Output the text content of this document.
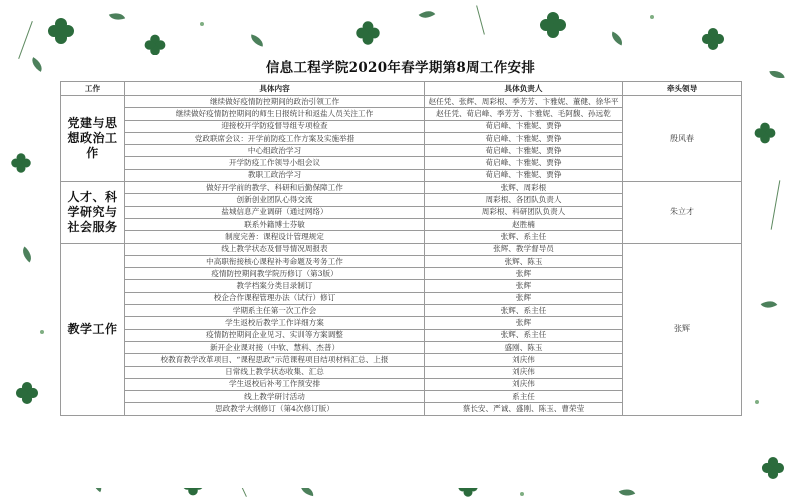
信息工程学院2020年春学期第8周工作安排
工作	具体内容	具体负责人	牵头领导
党建与思想政治工作	继续做好疫情防控期间的政治引领工作	赵任凭、张辉、周彩根、季芳芳、卞雅妮、董健、徐华平	殷风春
	继续做好疫情防控期间的师生日报统计和返盐人员关注工作	赵任凭、荀启峰、季芳芳、卞雅妮、毛阿馥、孙远乾	
	迎接校开学防疫督导组专项检查	荀启峰、卞雅妮、贾铮	
	党政联席会议：开学前防疫工作方案及实施举措	荀启峰、卞雅妮、贾铮	
	中心组政治学习	荀启峰、卞雅妮、贾铮	
	开学防疫工作领导小组会议	荀启峰、卞雅妮、贾铮	
	教职工政治学习	荀启峰、卞雅妮、贾铮	
人才、科学研究与社会服务	做好开学前的教学、科研和后勤保障工作	张辉、周彩根	朱立才
	创新创业团队心得交流	周彩根、各团队负责人	
	盐城信息产业调研（通过网络）	周彩根、科研团队负责人	
	联系外籍博士芬敏	赵胜楠	
	制度完善：课程设计管理规定	张辉、系主任	
教学工作	线上教学状态及督导情况周报表	张辉、教学督导员	张辉
	中高职衔接核心课程补考命题及考务工作	张辉、陈玉	
	疫情防控期间教学院历修订（第3版）	张辉	
	教学档案分类目录制订	张辉	
	校企合作课程管理办法（试行）修订	张辉	
	学期系主任第一次工作会	张辉、系主任	
	学生返校后教学工作详细方案	张辉	
	疫情防控期间企业见习、实训等方案调整	张辉、系主任	
	新开企业课对接（中软、慧科、杰普）	盛刚、陈玉	
	校教育教学改革项目、“课程思政”示范课程项目结项材料汇总、上报	刘庆伟	
	日常线上教学状态收集、汇总	刘庆伟	
	学生返校后补考工作预安排	刘庆伟	
	线上教学研讨活动	系主任	
	思政教学大纲修订（第4次修订版）	蔡长安、严诚、盛刚、陈玉、曹荣莹	
